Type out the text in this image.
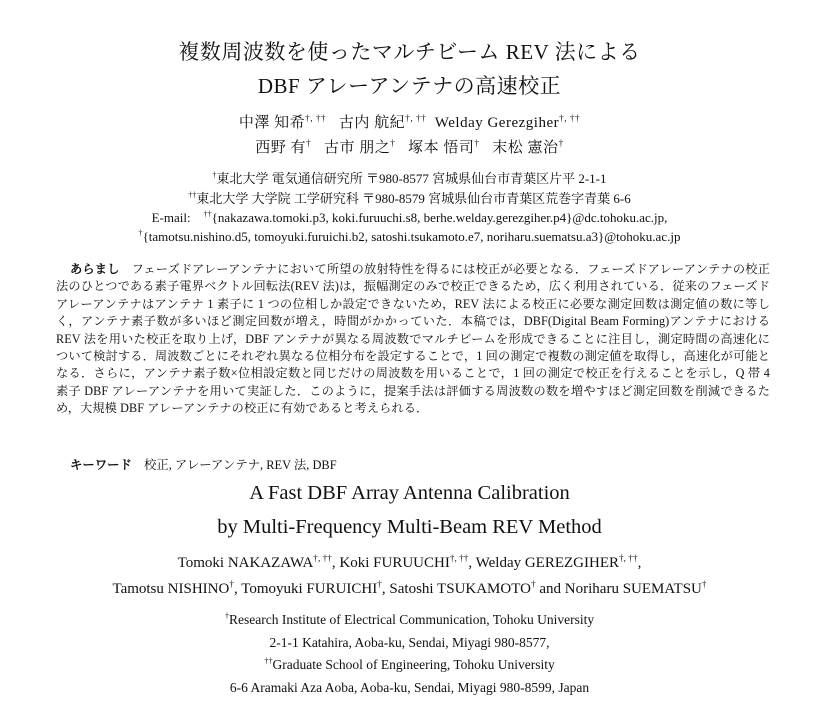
複数周波数を使ったマルチビーム REV 法による
DBF アレーアンテナの高速校正
中澤 知希†, †† 古内 航紀†, †† Welday Gerezgiher†, ††
西野 有† 古市 朋之† 塚本 悟司† 末松 憲治†
†東北大学 電気通信研究所 〒980-8577 宮城県仙台市青葉区片平 2-1-1
††東北大学 大学院 工学研究科 〒980-8579 宮城県仙台市青葉区荒巻字青葉 6-6
E-mail: ††{nakazawa.tomoki.p3, koki.furuuchi.s8, berhe.welday.gerezgiher.p4}@dc.tohoku.ac.jp,
†{tamotsu.nishino.d5, tomoyuki.furuichi.b2, satoshi.tsukamoto.e7, noriharu.suematsu.a3}@tohoku.ac.jp
あらまし フェーズドアレーアンテナにおいて所望の放射特性を得るには校正が必要となる．フェーズドアレーアンテナの校正法のひとつである素子電界ベクトル回転法(REV 法)は，振幅測定のみで校正できるため，広く利用されている．従来のフェーズドアレーアンテナはアンテナ 1 素子に 1 つの位相しか設定できないため，REV 法による校正に必要な測定回数は測定値の数に等しく，アンテナ素子数が多いほど測定回数が増え，時間がかかっていた．本稿では，DBF(Digital Beam Forming)アンテナにおける REV 法を用いた校正を取り上げ，DBF アンテナが異なる周波数でマルチビームを形成できることに注目し，測定時間の高速化について検討する．周波数ごとにそれぞれ異なる位相分布を設定することで，1 回の測定で複数の測定値を取得し，高速化が可能となる．さらに，アンテナ素子数×位相設定数と同じだけの周波数を用いることで，1 回の測定で校正を行えることを示し，Q 帯 4 素子 DBF アレーアンテナを用いて実証した．このように，提案手法は評価する周波数の数を増やすほど測定回数を削減できるため，大規模 DBF アレーアンテナの校正に有効であると考えられる．
キーワード 校正, アレーアンテナ, REV 法, DBF
A Fast DBF Array Antenna Calibration
by Multi-Frequency Multi-Beam REV Method
Tomoki NAKAZAWA†, ††, Koki FURUUCHI†, ††, Welday GEREZGIHER†, ††,
Tamotsu NISHINO†, Tomoyuki FURUICHI†, Satoshi TSUKAMOTO† and Noriharu SUEMATSU†
†Research Institute of Electrical Communication, Tohoku University
2-1-1 Katahira, Aoba-ku, Sendai, Miyagi 980-8577,
††Graduate School of Engineering, Tohoku University
6-6 Aramaki Aza Aoba, Aoba-ku, Sendai, Miyagi 980-8599, Japan
